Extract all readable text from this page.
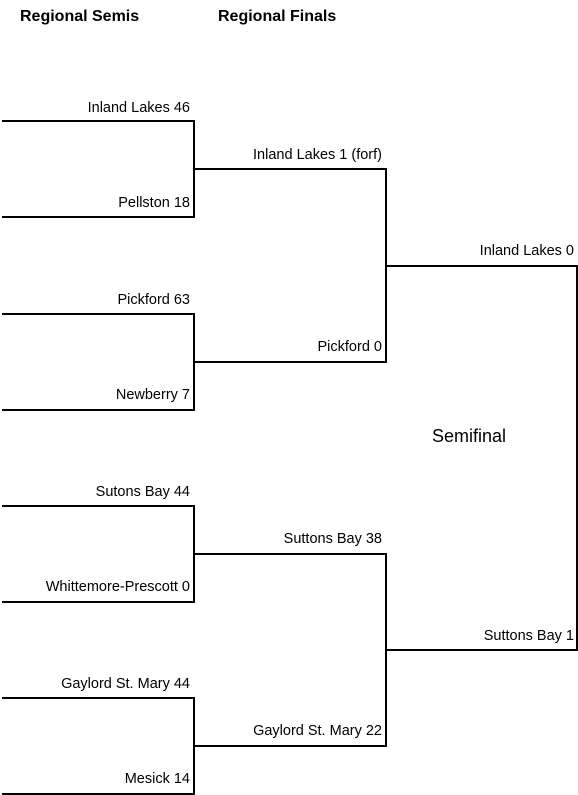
Regional Semis	Regional Finals
Inland Lakes 46
Pellston 18
Pickford 63
Newberry 7
Sutons Bay 44
Whittemore-Prescott 0
Gaylord St. Mary 44
Mesick 14
Inland Lakes 1 (forf)
Pickford 0
Suttons Bay 38
Gaylord St. Mary 22
Inland Lakes 0
Suttons Bay 1
Semifinal
